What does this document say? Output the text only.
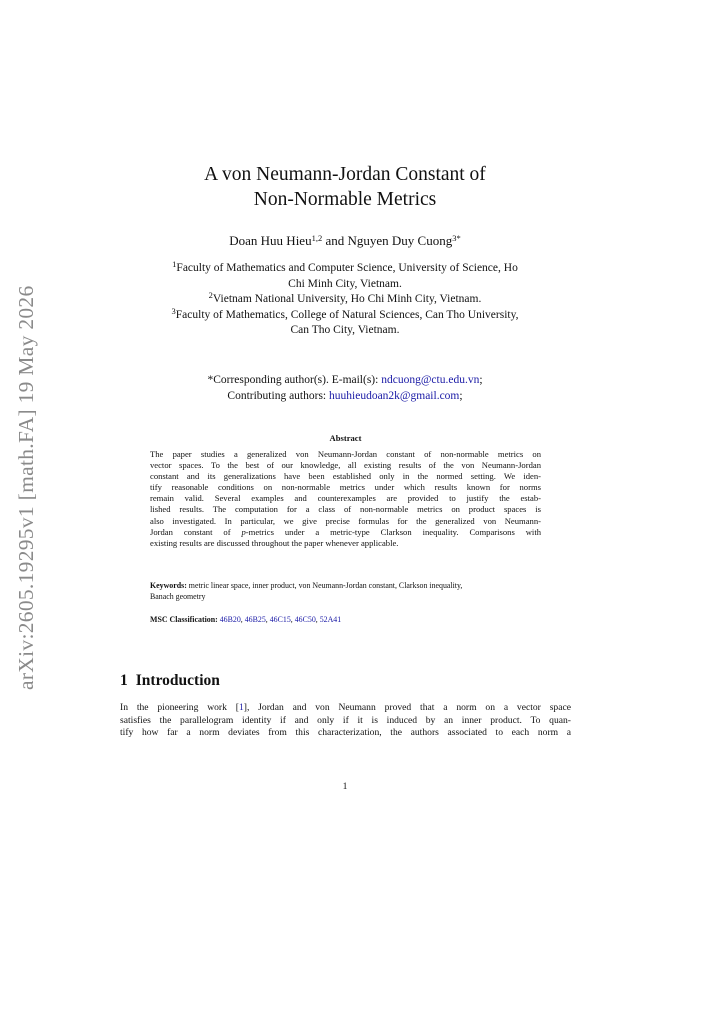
arXiv:2605.19295v1 [math.FA] 19 May 2026
A von Neumann-Jordan Constant of
Non-Normable Metrics
Doan Huu Hieu$^{1,2}$ and Nguyen Duy Cuong$^{3*}$
$^1$Faculty of Mathematics and Computer Science, University of Science, Ho
Chi Minh City, Vietnam.
$^2$Vietnam National University, Ho Chi Minh City, Vietnam.
$^3$Faculty of Mathematics, College of Natural Sciences, Can Tho University,
Can Tho City, Vietnam.
*Corresponding author(s). E-mail(s): ndcuong@ctu.edu.vn;
Contributing authors: huuhieudoan2k@gmail.com;
Abstract
The paper studies a generalized von Neumann-Jordan constant of non-normable metrics on
vector spaces. To the best of our knowledge, all existing results of the von Neumann-Jordan
constant and its generalizations have been established only in the normed setting. We iden-
tify reasonable conditions on non-normable metrics under which results known for norms
remain valid. Several examples and counterexamples are provided to justify the estab-
lished results. The computation for a class of non-normable metrics on product spaces is
also investigated. In particular, we give precise formulas for the generalized von Neumann-
Jordan constant of p-metrics under a metric-type Clarkson inequality. Comparisons with
existing results are discussed throughout the paper whenever applicable.
Keywords: metric linear space, inner product, von Neumann-Jordan constant, Clarkson inequality,
Banach geometry
MSC Classification: 46B20, 46B25, 46C15, 46C50, 52A41
1 Introduction
In the pioneering work [1], Jordan and von Neumann proved that a norm on a vector space
satisfies the parallelogram identity if and only if it is induced by an inner product. To quan-
tify how far a norm deviates from this characterization, the authors associated to each norm a
1
